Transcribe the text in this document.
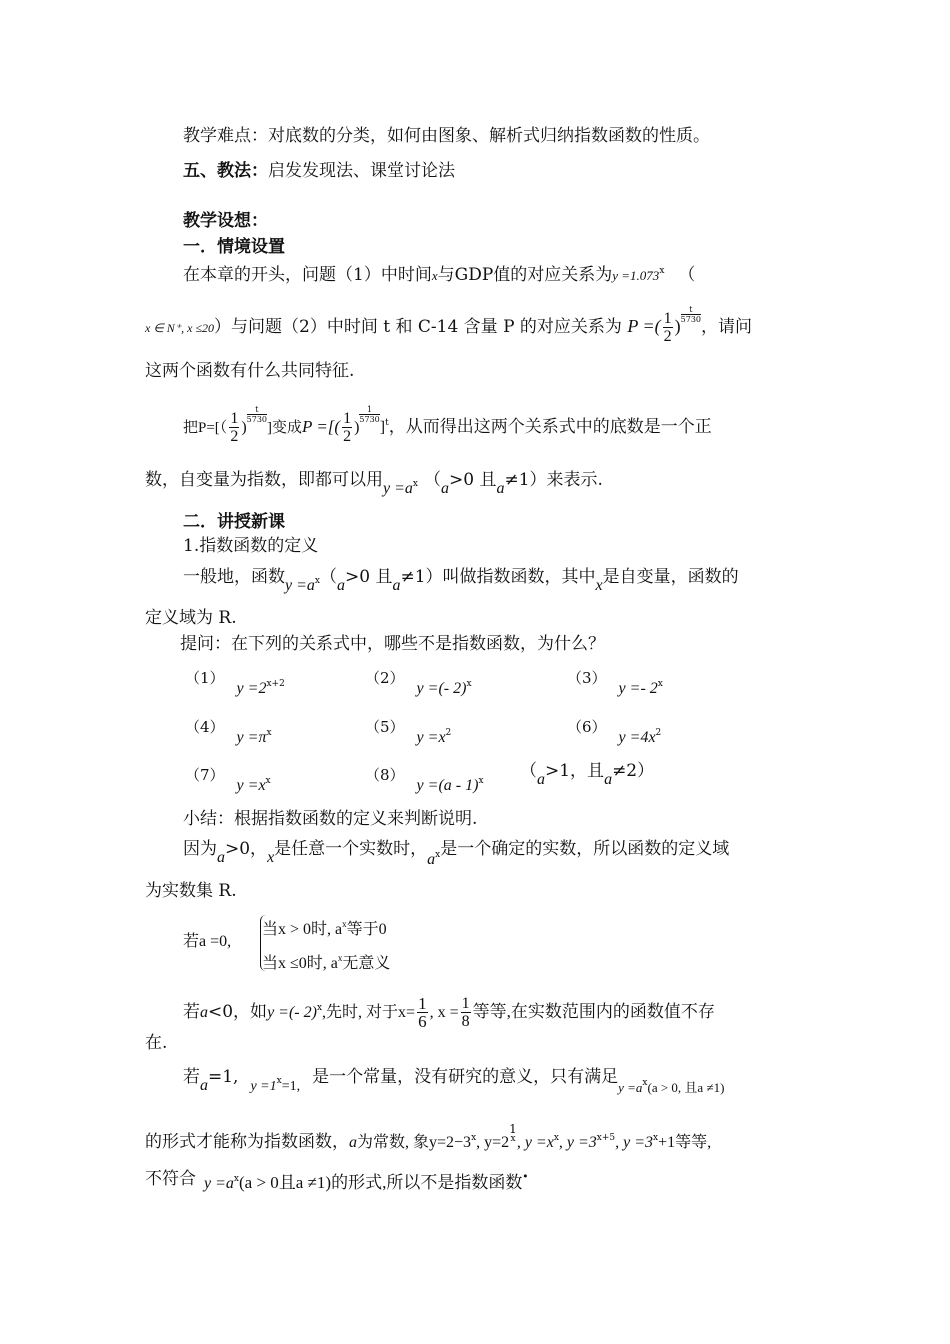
教学难点：对底数的分类，如何由图象、解析式归纳指数函数的性质。
五、教法：启发发现法、课堂讨论法
教学设想：
一．情境设置
在本章的开头，问题（1）中时间x与GDP值的对应关系为$y =1.073^x$ （
x ∈ N⁺, x ≤20）与问题（2）中时间 t 和 C-14 含量 P 的对应关系为 P =( $\frac{1}{2}$ )
$\frac{t}{5730}$
，请问
这两个函数有什么共同特征.
把$P=[( \frac{1}{2}$ )
$\frac{t}{5730}$
]变成P =[( $\frac{1}{2}$ )
$\frac{1}{5730}$
]$^t$，从而得出这两个关系式中的底数是一个正
数，自变量为指数，即都可以用$y =a^x$ （a>0 且a≠1）来表示.
二．讲授新课
1.指数函数的定义
一般地，函数$y =a^x(a>0$ 且a≠1）叫做指数函数，其中x是自变量，函数的
定义域为 R.
提问：在下列的关系式中，哪些不是指数函数，为什么？
$(1)y =2^{x+2}$	（2）y =(- 2)$^x$	（3）y =- 2$^x$
$(4)y =\pi^x$	$(5)y =x^2$	$(6)y =4x^2$
$(7)y =x^x$	（8）y =(a - 1)$^x$ （a>1，且a≠2）
小结：根据指数函数的定义来判断说明.
因为a>0，x是任意一个实数时，$a^x$是一个确定的实数，所以函数的定义域
为实数集 R.
若a =0,
当x > 0时, $a^x$等于0
当x ≤0时, $a^x$无意义
若a<0，如y =(- 2)$^x$,先时, 对于$x= \frac{1}{6}$ , $x = \frac{1}{8}$ 等等,在实数范围内的函数值不存
在.
若a=1, $_{y =1}^x_{=1,}$ 是一个常量，没有研究的意义，只有满足$_{y =a}^x_{(a > 0, 且a \ne 1)}$
的形式才能称为指数函数，a为常数, 象$y=2-3^x$, y=2
1
x , $y =x^x$, $y =3^{x+5}$, $y =3^x+1$等等,
不符合 $y =a^x(a > 0$且a ≠1)的形式,所以不是指数函数·
